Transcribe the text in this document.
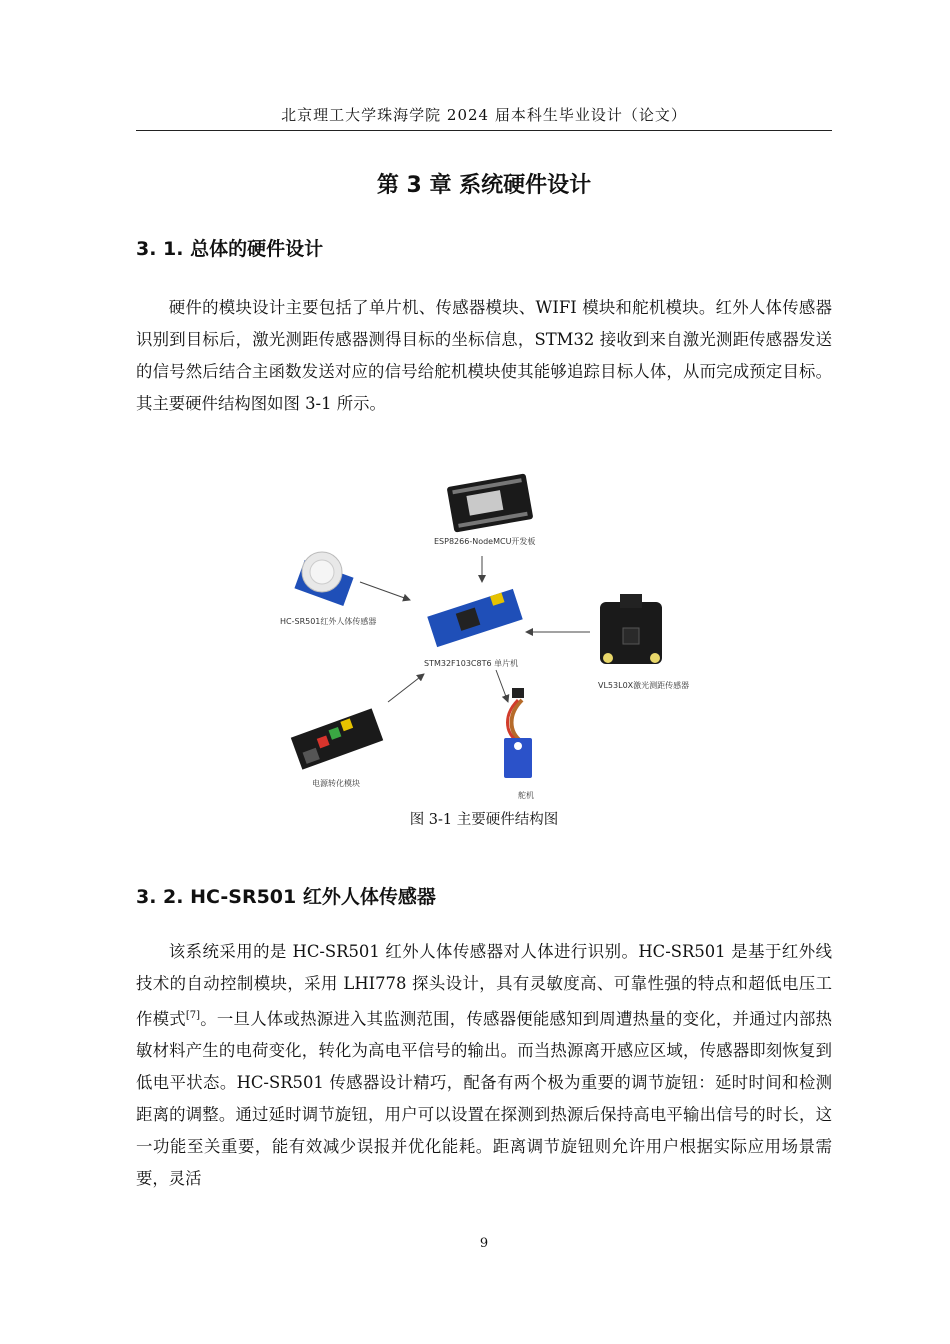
北京理工大学珠海学院 2024 届本科生毕业设计（论文）
第 3 章 系统硬件设计
3. 1. 总体的硬件设计

硬件的模块设计主要包括了单片机、传感器模块、WIFI 模块和舵机模块。红外人体传感器识别到目标后，激光测距传感器测得目标的坐标信息，STM32 接收到来自激光测距传感器发送的信号然后结合主函数发送对应的信号给舵机模块使其能够追踪目标人体，从而完成预定目标。其主要硬件结构图如图 3-1 所示。

ESP8266-NodeMCU开发板
HC-SR501红外人体传感器
STM32F103C8T6 单片机
VL53L0X激光测距传感器
电源转化模块
舵机
图 3-1 主要硬件结构图
3. 2. HC-SR501 红外人体传感器

该系统采用的是 HC-SR501 红外人体传感器对人体进行识别。HC-SR501 是基于红外线技术的自动控制模块，采用 LHI778 探头设计，具有灵敏度高、可靠性强的特点和超低电压工作模式[7]。一旦人体或热源进入其监测范围，传感器便能感知到周遭热量的变化，并通过内部热敏材料产生的电荷变化，转化为高电平信号的输出。而当热源离开感应区域，传感器即刻恢复到低电平状态。HC-SR501 传感器设计精巧，配备有两个极为重要的调节旋钮：延时时间和检测距离的调整。通过延时调节旋钮，用户可以设置在探测到热源后保持高电平输出信号的时长，这一功能至关重要，能有效减少误报并优化能耗。距离调节旋钮则允许用户根据实际应用场景需要，灵活

9
